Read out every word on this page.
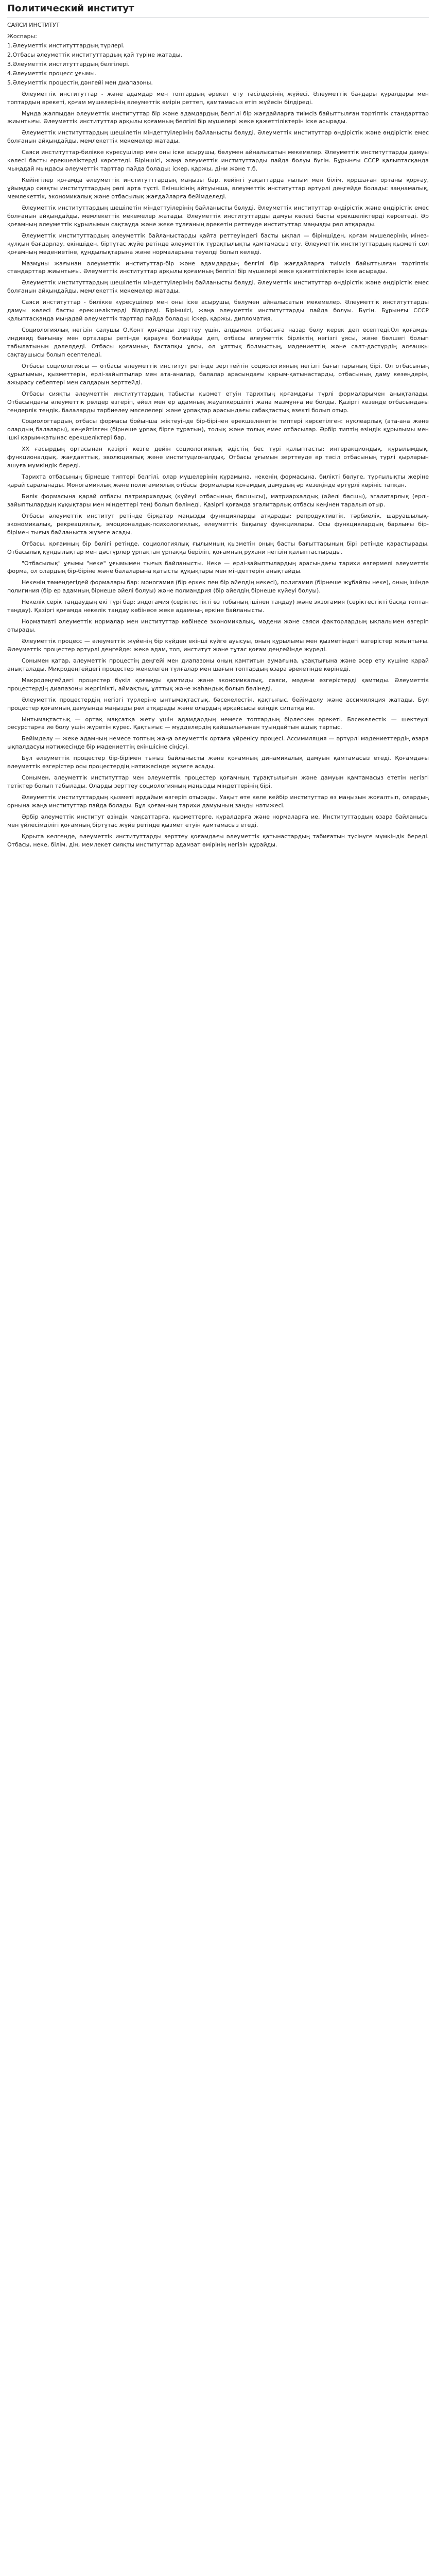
Политический институт
САЯСИ ИНСТИТУТ
Жоспары:
1.Әлеуметтік институттардың түрлері.
2.Отбасы әлеуметтік институттардың қай түріне жатады.
3.Әлеуметтік институттардың белгілері.
4.Әлеуметтік процесс ұғымы.
5.Әлеуметтік процестің дәнгейі мен диапазоны.

Әлеуметтік институттар - және адамдар мен топтардың әрекет ету тәсілдерінің жүйесі. Әлеуметтік бағдары құралдары мен топтардың әрекеті, қоғам мүшелерінің әлеуметтік өмірін реттеп, қамтамасыз етіп жүйесін білдіреді.

Мұнда жалпыдан әлеуметтік институттар бір және адамдардың белгілі бір жағдайларға тиімсіз байыттылған тәртіптік стандарттар жиынтығы. Әлеуметтік институттар арқылы қоғамның белгілі бір мүшелері жеке қажеттіліктерін іске асырады.

Әлеуметтік институттардың шешілетін міндеттуілерінің байланысты бөлуді. Әлеуметтік институттар өндірістік және өндірістік емес болғанын айқындайды, мемлекеттік мекемелер жатады.

Саяси институттар-билікке күресушілер мен оны іске асырушы, бөлумен айналысатын мекемелер. Әлеуметтік институттарды дамуы көлесі басты ерекшеліктерді көрсетеді. Біріншісі, жаңа әлеуметтік институттарды пайда болуы бүгін. Бұрынғы СССР қалыптасқанда мыңадай мыңдасы әлеуметтік тарттар пайда болады: іскер, қаржы, діни және т.б.

Кейінгілер қоғамда әлеуметтік институтттардың маңызы бар, кейінгі уақыттарда ғылым мен білім, қоршаған ортаны қорғау, ұйымдар сияқты институттардың рөлі арта түсті. Екіншісінің айтуынша, әлеуметтік институттар әртүрлі деңгейде болады: заңнамалық, мемлекеттік, экономикалық және отбасылық жағдайларға бейімделеді.

Әлеуметтік институттардың шешілетін міндеттуілерінің байланысты бөлуді. Әлеуметтік институттар өндірістік және өндірістік емес болғанын айқындайды, мемлекеттік мекемелер жатады. Әлеуметтік институттарды дамуы көлесі басты ерекшеліктерді көрсетеді. Әр қоғамның әлеуметтік құрылымын сақтауда және жеке тұлғаның әрекетін реттеуде институттар маңызды рөл атқарады.

Әлеуметтік институттардың әлеуметтік байланыстарды қайта реттеуіндегі басты ықпал — біріншіден, қоғам мүшелерінің мінез-құлқын бағдарлау, екіншіден, біртұтас жүйе ретінде әлеуметтік тұрақтылықты қамтамасыз ету. Әлеуметтік институттардың қызметі сол қоғамның мәдениетіне, құндылықтарына және нормаларына тәуелді болып келеді.

Мазмұны жағынан әлеуметтік институттар-бір және адамдардың белгілі бір жағдайларға тиімсіз байыттылған тәртіптік стандарттар жиынтығы. Әлеуметтік институттар арқылы қоғамның белгілі бір мүшелері жеке қажеттіліктерін іске асырады.

Әлеуметтік институттардың шешілетін міндеттуілерінің байланысты бөлуді. Әлеуметтік институттар өндірістік және өндірістік емес болғанын айқындайды, мемлекеттік мекемелер жатады.

Саяси институттар - билікке күресушілер мен оны іске асырушы, бөлумен айналысатын мекемелер. Әлеуметтік институттарды дамуы көлесі басты ерекшеліктерді білдіреді. Біріншісі, жаңа әлеуметтік институттарды пайда болуы. Бүгін. Бұрынғы СССР қалыптасқанда мыңадай әлеуметтік тарттар пайда болады: іскер, қаржы, дипломатия.

Социологиялық негізін салушы О.Конт қоғамды зерттеу үшін, алдымен, отбасыға назар бөлу керек деп есептеді.Ол қоғамды индивид бағынау мен орталары ретінде қарауға болмайды деп, отбасы әлеуметтік бірліктің негізгі ұясы, және бөлшегі болып табылатынын дәлелдеді. Отбасы қоғамның бастапқы ұясы, ол ұлттық болмыстың, мәдениеттің және салт-дәстүрдің алғашқы сақтаушысы болып есептеледі.

Отбасы социологиясы — отбасы әлеуметтік институт ретінде зерттейтін социологияның негізгі бағыттарының бірі. Ол отбасының құрылымын, қызметтерін, ерлі-зайыптылар мен ата-аналар, балалар арасындағы қарым-қатынастарды, отбасының даму кезеңдерін, ажырасу себептері мен салдарын зерттейді.

Отбасы сияқты әлеуметтік институттардың табысты қызмет етуін тарихтың қоғамдағы түрлі формаларымен анықталады. Отбасындағы әлеуметтік рөлдер өзгеріп, әйел мен ер адамның жауапкершілігі жаңа мазмұнға ие болды. Қазіргі кезеңде отбасындағы гендерлік теңдік, балаларды тәрбиелеу мәселелері және ұрпақтар арасындағы сабақтастық өзекті болып отыр.

Социологтардың отбасы формасы бойынша жіктеуінде бір-бірінен ерекшеленетін типтері көрсетілген: нуклеарлық (ата-ана және олардың балалары), кеңейтілген (бірнеше ұрпақ бірге тұратын), толық және толық емес отбасылар. Әрбір типтің өзіндік құрылымы мен ішкі қарым-қатынас ерекшеліктері бар.

ХХ ғасырдың ортасынан қазіргі кезге дейін социологиялық әдістің бес түрі қалыптасты: интеракциондық, құрылымдық, функционалдық, жағдаяттық, эволюциялық және институционалдық. Отбасы ұғымын зерттеуде әр тәсіл отбасының түрлі қырларын ашуға мүмкіндік береді.

Тарихта отбасының бірнеше типтері белгілі, олар мүшелерінің құрамына, некенің формасына, билікті бөлуге, тұрғылықты жеріне қарай сараланады. Моногамиялық және полигамиялық отбасы формалары қоғамдық дамудың әр кезеңінде әртүрлі көрініс тапқан.

Билік формасына қарай отбасы патриархалдық (күйеуі отбасының басшысы), матриархалдық (әйелі басшы), эгалитарлық (ерлі-зайыптылардың құқықтары мен міндеттері тең) болып бөлінеді. Қазіргі қоғамда эгалитарлық отбасы кеңінен таралып отыр.

Отбасы әлеуметтік институт ретінде бірқатар маңызды функцияларды атқарады: репродуктивтік, тәрбиелік, шаруашылық-экономикалық, рекреациялық, эмоционалдық-психологиялық, әлеуметтік бақылау функциялары. Осы функциялардың барлығы бір-бірімен тығыз байланыста жүзеге асады.

Отбасы, қоғамның бір бөлігі ретінде, социологиялық ғылымның қызметін оның басты бағыттарының бірі ретінде қарастырады. Отбасылық құндылықтар мен дәстүрлер ұрпақтан ұрпаққа беріліп, қоғамның рухани негізін қалыптастырады.

"Отбасылық" ұғымы "неке" ұғымымен тығыз байланысты. Неке — ерлі-зайыптылардың арасындағы тарихи өзгермелі әлеуметтік форма, ол олардың бір-біріне және балаларына қатысты құқықтары мен міндеттерін анықтайды.

Некенің төмендегідей формалары бар: моногамия (бір еркек пен бір әйелдің некесі), полигамия (бірнеше жұбайлы неке), оның ішінде полигиния (бір ер адамның бірнеше әйелі болуы) және полиандрия (бір әйелдің бірнеше күйеуі болуы).

Некелік серік таңдаудың екі түрі бар: эндогамия (серіктестікті өз тобының ішінен таңдау) және экзогамия (серіктестікті басқа топтан таңдау). Қазіргі қоғамда некелік таңдау көбінесе жеке адамның еркіне байланысты.

Нормативті әлеуметтік нормалар мен институттар көбінесе экономикалық, мәдени және саяси факторлардың ықпалымен өзгеріп отырады.

Әлеуметтік процесс — әлеуметтік жүйенің бір күйден екінші күйге ауысуы, оның құрылымы мен қызметіндегі өзгерістер жиынтығы. Әлеуметтік процестер әртүрлі деңгейде: жеке адам, топ, институт және тұтас қоғам деңгейінде жүреді.

Сонымен қатар, әлеуметтік процестің деңгейі мен диапазоны оның қамтитын аумағына, ұзақтығына және әсер ету күшіне қарай анықталады. Микродеңгейдегі процестер жекелеген тұлғалар мен шағын топтардың өзара әрекетінде көрінеді.

Макродеңгейдегі процестер бүкіл қоғамды қамтиды және экономикалық, саяси, мәдени өзгерістерді қамтиды. Әлеуметтік процестердің диапазоны жергілікті, аймақтық, ұлттық және жаһандық болып бөлінеді.

Әлеуметтік процестердің негізгі түрлеріне ынтымақтастық, бәсекелестік, қақтығыс, бейімделу және ассимиляция жатады. Бұл процестер қоғамның дамуында маңызды рөл атқарады және олардың әрқайсысы өзіндік сипатқа ие.

Ынтымақтастық — ортақ мақсатқа жету үшін адамдардың немесе топтардың бірлескен әрекеті. Бәсекелестік — шектеулі ресурстарға ие болу үшін жүретін күрес. Қақтығыс — мүдделердің қайшылығынан туындайтын ашық тартыс.

Бейімделу — жеке адамның немесе топтың жаңа әлеуметтік ортаға үйренісу процесі. Ассимиляция — әртүрлі мәдениеттердің өзара ықпалдасуы нәтижесінде бір мәдениеттің екіншісіне сіңісуі.

Бұл әлеуметтік процестер бір-бірімен тығыз байланысты және қоғамның динамикалық дамуын қамтамасыз етеді. Қоғамдағы әлеуметтік өзгерістер осы процестердің нәтижесінде жүзеге асады.

Сонымен, әлеуметтік институттар мен әлеуметтік процестер қоғамның тұрақтылығын және дамуын қамтамасыз ететін негізгі тетіктер болып табылады. Оларды зерттеу социологияның маңызды міндеттерінің бірі.

Әлеуметтік институттардың қызметі әрдайым өзгеріп отырады. Уақыт өте келе кейбір институттар өз маңызын жоғалтып, олардың орнына жаңа институттар пайда болады. Бұл қоғамның тарихи дамуының заңды нәтижесі.

Әрбір әлеуметтік институт өзіндік мақсаттарға, қызметтерге, құралдарға және нормаларға ие. Институттардың өзара байланысы мен үйлесімділігі қоғамның біртұтас жүйе ретінде қызмет етуін қамтамасыз етеді.

Қорыта келгенде, әлеуметтік институттарды зерттеу қоғамдағы әлеуметтік қатынастардың табиғатын түсінуге мүмкіндік береді. Отбасы, неке, білім, дін, мемлекет сияқты институттар адамзат өмірінің негізін құрайды.
